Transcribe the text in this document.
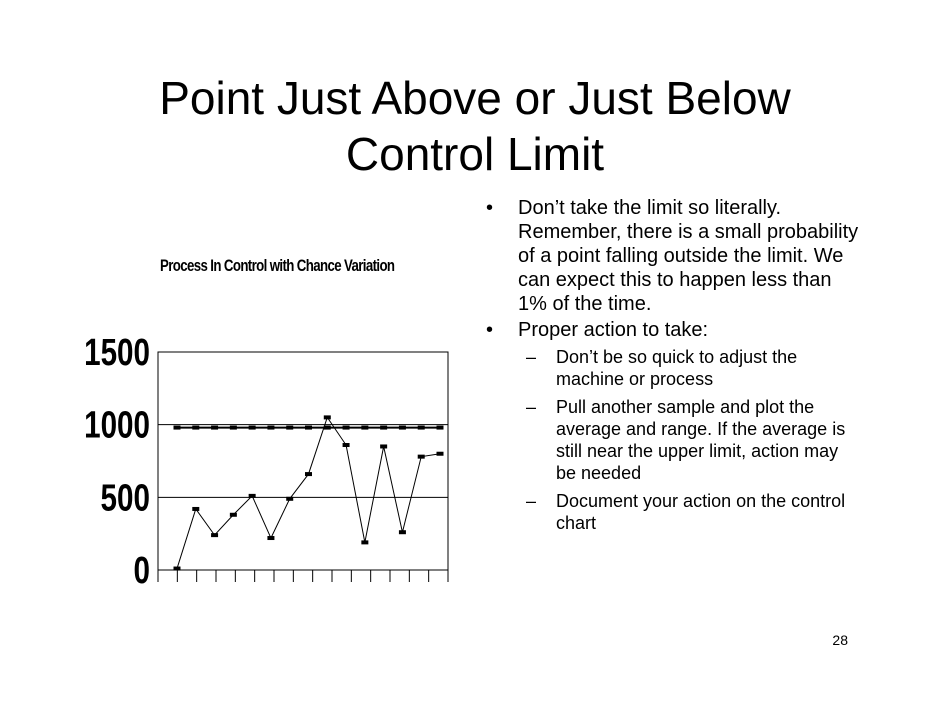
Point Just Above or Just Below
Control Limit
Process In Control with Chance Variation
0
500
1000
1500
•	Don’t take the limit so literally. Remember, there is a small probability of a point falling outside the limit. We can expect this to happen less than 1% of the time.
•	Proper action to take:
–	Don’t be so quick to adjust the machine or process
–	Pull another sample and plot the average and range. If the average is still near the upper limit, action may be needed
–	Document your action on the control chart
28
